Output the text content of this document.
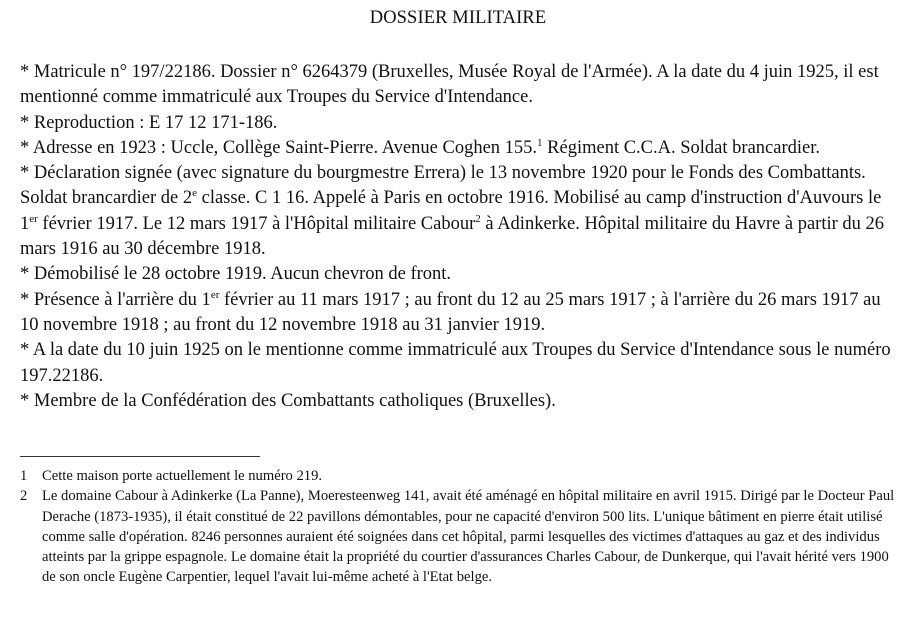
DOSSIER MILITAIRE

* Matricule n° 197/22186. Dossier n° 6264379 (Bruxelles, Musée Royal de l'Armée). A la date du 4 juin 1925, il est mentionné comme immatriculé aux Troupes du Service d'Intendance.

* Reproduction : E 17 12 171-186.

* Adresse en 1923 : Uccle, Collège Saint-Pierre. Avenue Coghen 155.$^1$ Régiment C.C.A. Soldat brancardier.

* Déclaration signée (avec signature du bourgmestre Errera) le 13 novembre 1920 pour le Fonds des Combattants. Soldat brancardier de 2e classe. C 1 16. Appelé à Paris en octobre 1916. Mobilisé au camp d'instruction d'Auvours le 1er février 1917. Le 12 mars 1917 à l'Hôpital militaire Cabour$^2$ à Adinkerke. Hôpital militaire du Havre à partir du 26 mars 1916 au 30 décembre 1918.

* Démobilisé le 28 octobre 1919. Aucun chevron de front.

* Présence à l'arrière du 1er février au 11 mars 1917 ; au front du 12 au 25 mars 1917 ; à l'arrière du 26 mars 1917 au 10 novembre 1918 ; au front du 12 novembre 1918 au 31 janvier 1919.

* A la date du 10 juin 1925 on le mentionne comme immatriculé aux Troupes du Service d'Intendance sous le numéro 197.22186.

* Membre de la Confédération des Combattants catholiques (Bruxelles).

1	Cette maison porte actuellement le numéro 219.

2	Le domaine Cabour à Adinkerke (La Panne), Moeresteenweg 141, avait été aménagé en hôpital militaire en avril 1915. Dirigé par le Docteur Paul Derache (1873-1935), il était constitué de 22 pavillons démontables, pour ne capacité d'environ 500 lits. L'unique bâtiment en pierre était utilisé comme salle d'opération. 8246 personnes auraient été soignées dans cet hôpital, parmi lesquelles des victimes d'attaques au gaz et des individus atteints par la grippe espagnole. Le domaine était la propriété du courtier d'assurances Charles Cabour, de Dunkerque, qui l'avait hérité vers 1900 de son oncle Eugène Carpentier, lequel l'avait lui-même acheté à l'Etat belge.
